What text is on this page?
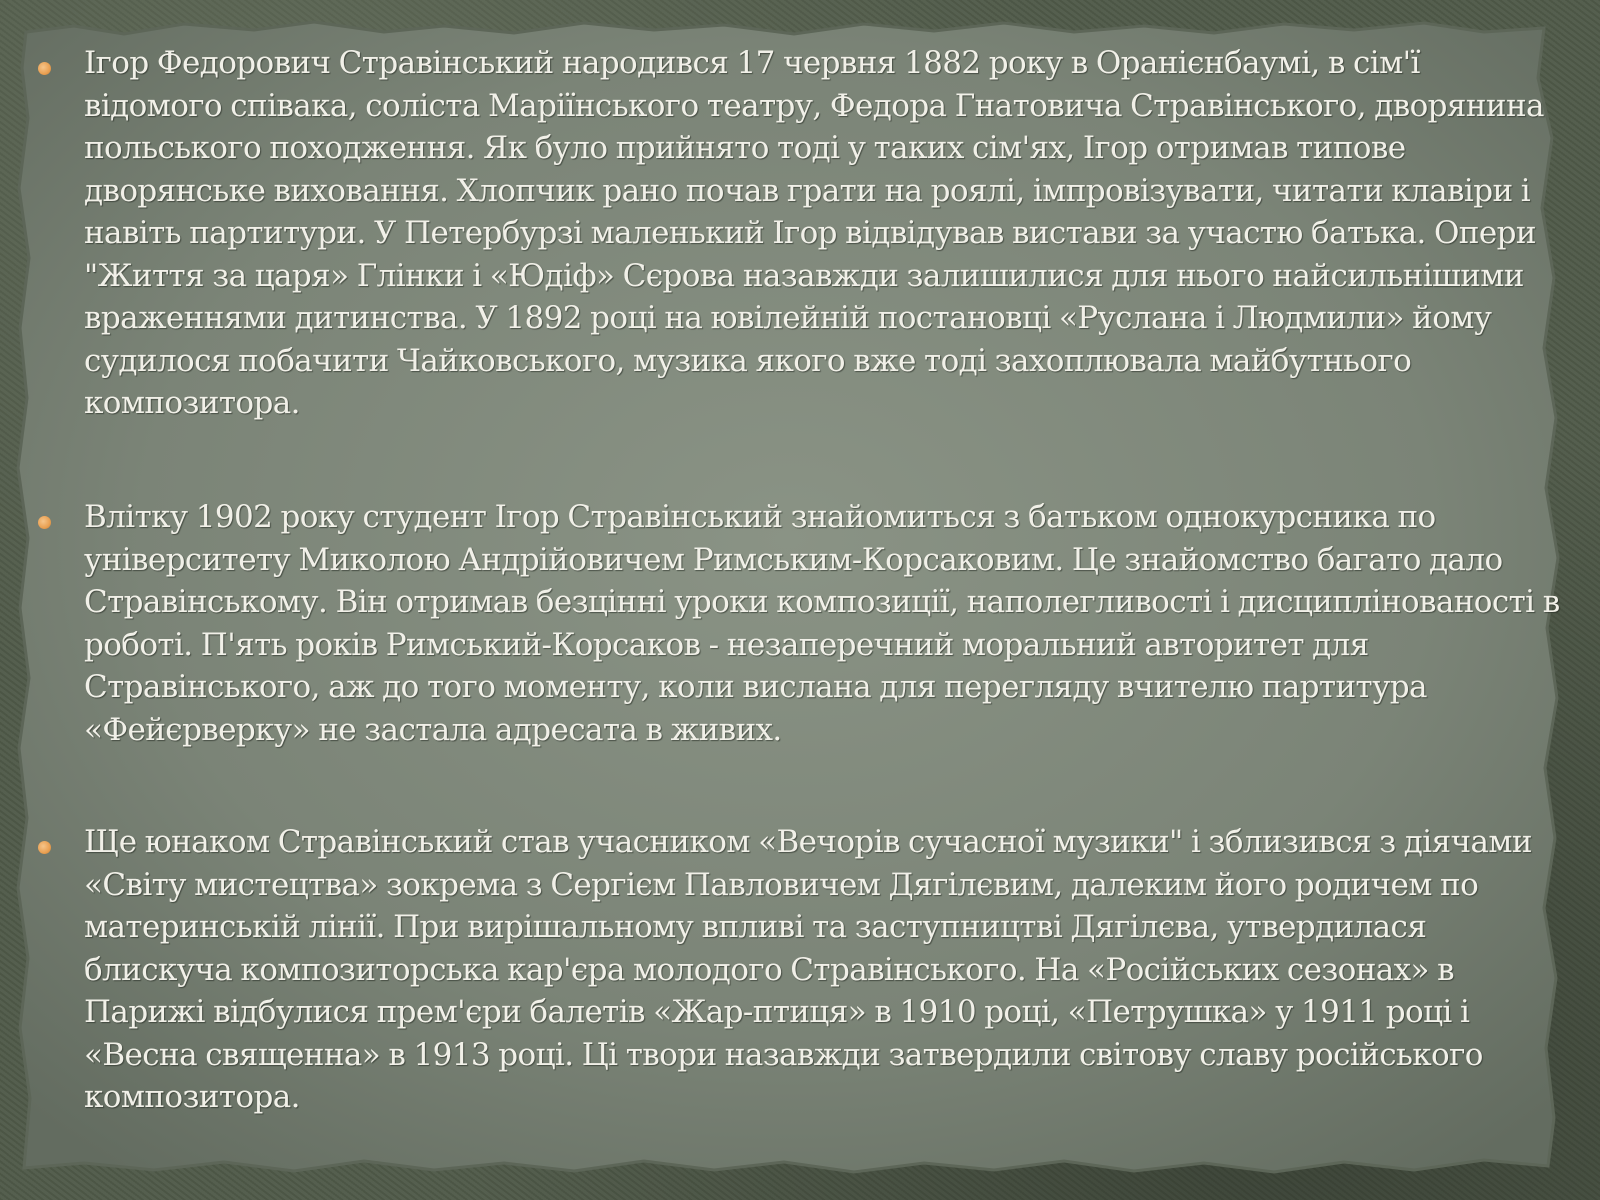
Ігор Федорович Стравінський народився 17 червня 1882 року в Оранієнбаумі, в сім'ї відомого співака, соліста Маріїнського театру, Федора Гнатовича Стравінського, дворянина польського походження. Як було прийнято тоді у таких сім'ях, Ігор отримав типове дворянське виховання. Хлопчик рано почав грати на роялі, імпровізувати, читати клавіри і навіть партитури. У Петербурзі маленький Ігор відвідував вистави за участю батька. Опери "Життя за царя» Глінки і «Юдіф» Сєрова назавжди залишилися для нього найсильнішими враженнями дитинства. У 1892 році на ювілейній постановці «Руслана і Людмили» йому судилося побачити Чайковського, музика якого вже тоді захоплювала майбутнього композитора.

Влітку 1902 року студент Ігор Стравінський знайомиться з батьком однокурсника по університету Миколою Андрійовичем Римським-Корсаковим. Це знайомство багато дало Стравінському. Він отримав безцінні уроки композиції, наполегливості і дисциплінованості в роботі. П'ять років Римський-Корсаков - незаперечний моральний авторитет для Стравінського, аж до того моменту, коли вислана для перегляду вчителю партитура «Фейєрверку» не застала адресата в живих.

Ще юнаком Стравінський став учасником «Вечорів сучасної музики" і зблизився з діячами «Світу мистецтва» зокрема з Сергієм Павловичем Дягілєвим, далеким його родичем по материнській лінії. При вирішальному впливі та заступництві Дягілєва, утвердилася блискуча композиторська кар'єра молодого Стравінського. На «Російських сезонах» в Парижі відбулися прем'єри балетів «Жар-птиця» в 1910 році, «Петрушка» у 1911 році і «Весна священна» в 1913 році. Ці твори назавжди затвердили світову славу російського композитора.
